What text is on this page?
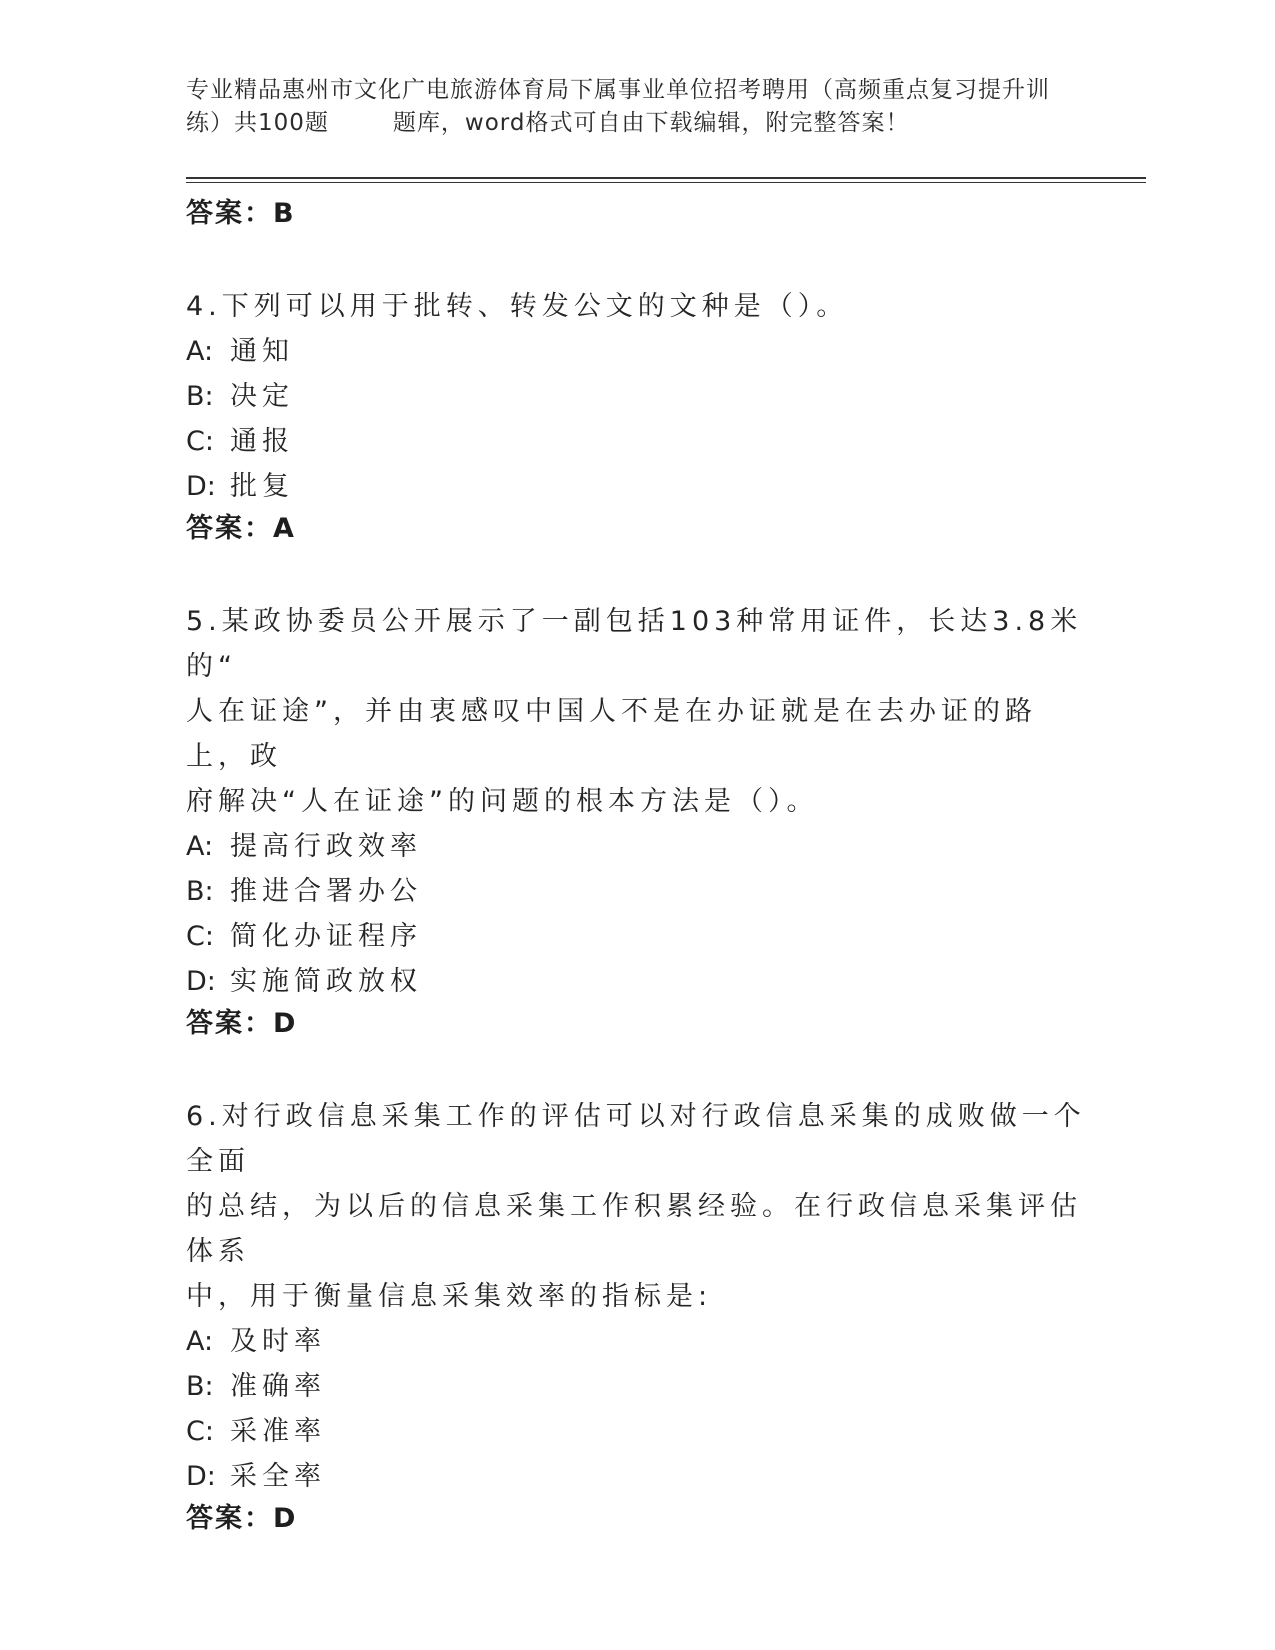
专业精品惠州市文化广电旅游体育局下属事业单位招考聘用（高频重点复习提升训
练）共100题	题库，word格式可自由下载编辑，附完整答案！

答案：B

4.下列可以用于批转、转发公文的文种是（）。

A: 通知

B: 决定

C: 通报

D: 批复

答案：A

5.某政协委员公开展示了一副包括103种常用证件，长达3.8米的“

人在证途”，并由衷感叹中国人不是在办证就是在去办证的路上，政

府解决“人在证途”的问题的根本方法是（）。

A: 提高行政效率

B: 推进合署办公

C: 简化办证程序

D: 实施简政放权

答案：D

6.对行政信息采集工作的评估可以对行政信息采集的成败做一个全面

的总结，为以后的信息采集工作积累经验。在行政信息采集评估体系

中，用于衡量信息采集效率的指标是:

A: 及时率

B: 准确率

C: 采准率

D: 采全率

答案：D
